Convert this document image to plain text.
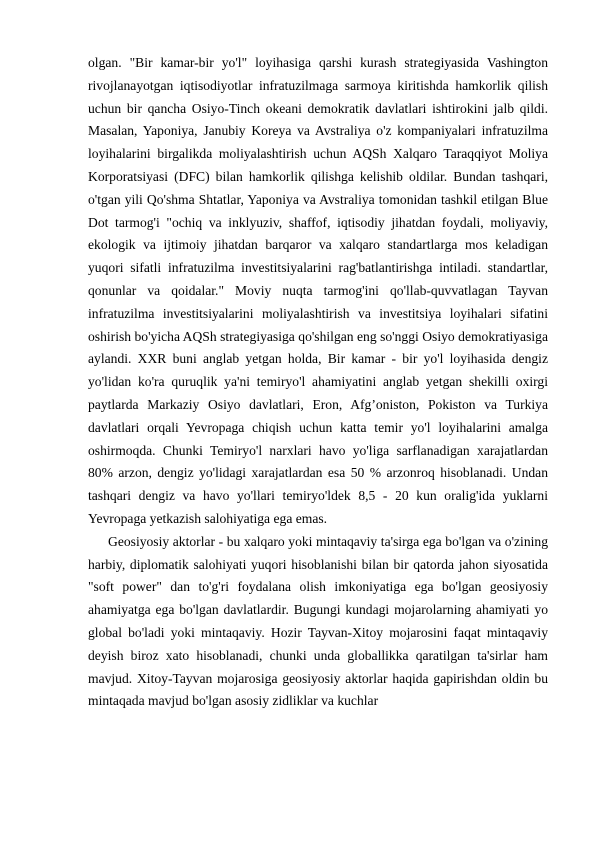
olgan. "Bir kamar-bir yo'l" loyihasiga qarshi kurash strategiyasida Vashington rivojlanayotgan iqtisodiyotlar infratuzilmaga sarmoya kiritishda hamkorlik qilish uchun bir qancha Osiyo-Tinch okeani demokratik davlatlari ishtirokini jalb qildi. Masalan, Yaponiya, Janubiy Koreya va Avstraliya o'z kompaniyalari infratuzilma loyihalarini birgalikda moliyalashtirish uchun AQSh Xalqaro Taraqqiyot Moliya Korporatsiyasi (DFC) bilan hamkorlik qilishga kelishib oldilar. Bundan tashqari, o'tgan yili Qo'shma Shtatlar, Yaponiya va Avstraliya tomonidan tashkil etilgan Blue Dot tarmog'i "ochiq va inklyuziv, shaffof, iqtisodiy jihatdan foydali, moliyaviy, ekologik va ijtimoiy jihatdan barqaror va xalqaro standartlarga mos keladigan yuqori sifatli infratuzilma investitsiyalarini rag'batlantirishga intiladi. standartlar, qonunlar va qoidalar." Moviy nuqta tarmog'ini qo'llab-quvvatlagan Tayvan infratuzilma investitsiyalarini moliyalashtirish va investitsiya loyihalari sifatini oshirish bo'yicha AQSh strategiyasiga qo'shilgan eng so'nggi Osiyo demokratiyasiga aylandi. XXR buni anglab yetgan holda, Bir kamar - bir yo'l loyihasida dengiz yo'lidan ko'ra quruqlik ya'ni temiryo'l ahamiyatini anglab yetgan shekilli oxirgi paytlarda Markaziy Osiyo davlatlari, Eron, Afg’oniston, Pokiston va Turkiya davlatlari orqali Yevropaga chiqish uchun katta temir yo'l loyihalarini amalga oshirmoqda. Chunki Temiryo'l narxlari havo yo'liga sarflanadigan xarajatlardan 80% arzon, dengiz yo'lidagi xarajatlardan esa 50 % arzonroq hisoblanadi. Undan tashqari dengiz va havo yo'llari temiryo'ldek 8,5 - 20 kun oralig'ida yuklarni Yevropaga yetkazish salohiyatiga ega emas.

Geosiyosiy aktorlar - bu xalqaro yoki mintaqaviy ta'sirga ega bo'lgan va o'zining harbiy, diplomatik salohiyati yuqori hisoblanishi bilan bir qatorda jahon siyosatida "soft power" dan to'g'ri foydalana olish imkoniyatiga ega bo'lgan geosiyosiy ahamiyatga ega bo'lgan davlatlardir. Bugungi kundagi mojarolarning ahamiyati yo global bo'ladi yoki mintaqaviy. Hozir Tayvan-Xitoy mojarosini faqat mintaqaviy deyish biroz xato hisoblanadi, chunki unda globallikka qaratilgan ta'sirlar ham mavjud. Xitoy-Tayvan mojarosiga geosiyosiy aktorlar haqida gapirishdan oldin bu mintaqada mavjud bo'lgan asosiy zidliklar va kuchlar
